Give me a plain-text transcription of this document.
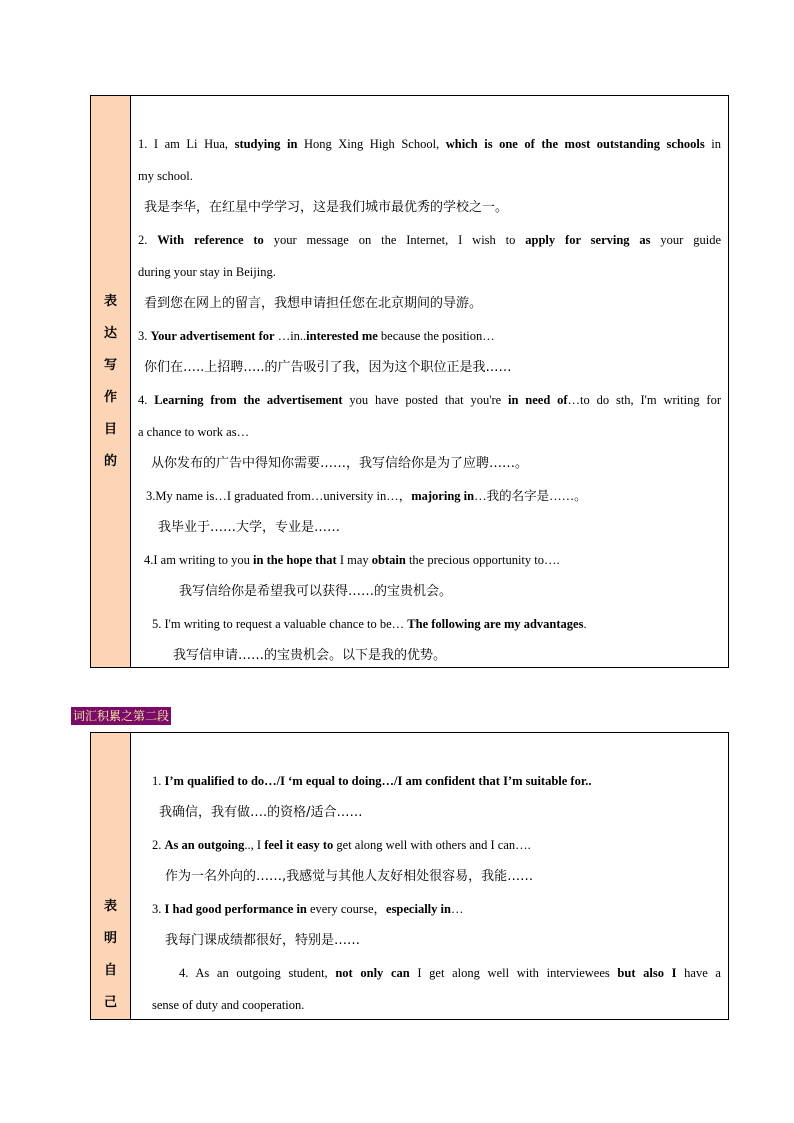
表
达
写
作
目
的
1. I am Li Hua, studying in Hong Xing High School, which is one of the most outstanding schools in
my school.
我是李华，在红星中学学习，这是我们城市最优秀的学校之一。
2. With reference to your message on the Internet, I wish to apply for serving as your guide
during your stay in Beijing.
看到您在网上的留言，我想申请担任您在北京期间的导游。
3. Your advertisement for …in..interested me because the position…
你们在…..上招聘…..的广告吸引了我，因为这个职位正是我……
4. Learning from the advertisement you have posted that you're in need of…to do sth, I'm writing for
a chance to work as…
从你发布的广告中得知你需要……，我写信给你是为了应聘……。
3.My name is…I graduated from…university in…，majoring in…我的名字是……。
我毕业于……大学，专业是……
4.I am writing to you in the hope that I may obtain the precious opportunity to….
我写信给你是希望我可以获得……的宝贵机会。
5. I'm writing to request a valuable chance to be… The following are my advantages.
我写信申请……的宝贵机会。以下是我的优势。
词汇积累之第二段
表
明
自
己
1. I’m qualified to do…/I ‘m equal to doing…/I am confident that I’m suitable for..
我确信，我有做….的资格/适合……
2. As an outgoing.., I feel it easy to get along well with others and I can….
作为一名外向的……,我感觉与其他人友好相处很容易，我能……
3. I had good performance in every course，especially in…
我每门课成绩都很好，特别是……
4. As an outgoing student, not only can I get along well with interviewees but also I have a
sense of duty and cooperation.
